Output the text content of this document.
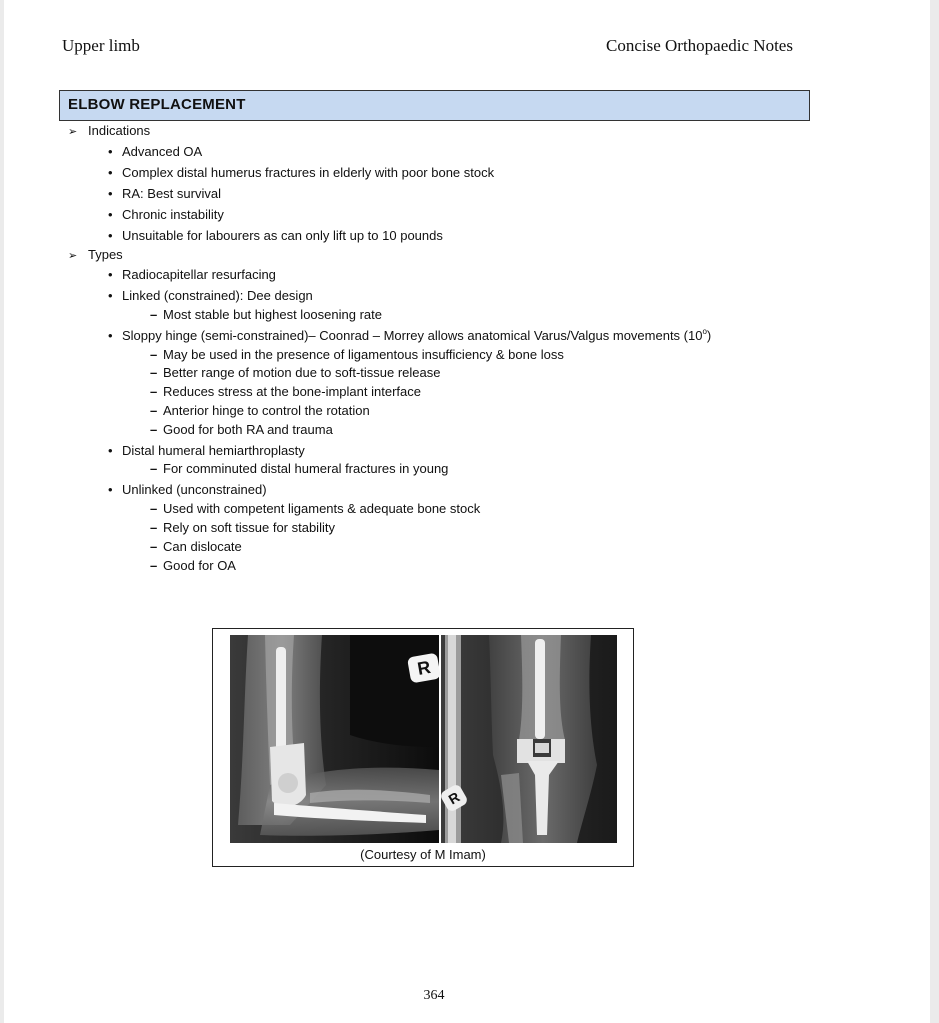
Upper limb	Concise Orthopaedic Notes
ELBOW REPLACEMENT
➢ Indications
• Advanced OA
• Complex distal humerus fractures in elderly with poor bone stock
• RA: Best survival
• Chronic instability
• Unsuitable for labourers as can only lift up to 10 pounds
➢ Types
• Radiocapitellar resurfacing
• Linked (constrained): Dee design
– Most stable but highest loosening rate
• Sloppy hinge (semi-constrained)– Coonrad – Morrey allows anatomical Varus/Valgus movements (10$^o$)
– May be used in the presence of ligamentous insufficiency & bone loss
– Better range of motion due to soft-tissue release
– Reduces stress at the bone-implant interface
– Anterior hinge to control the rotation
– Good for both RA and trauma
• Distal humeral hemiarthroplasty
– For comminuted distal humeral fractures in young
• Unlinked (unconstrained)
– Used with competent ligaments & adequate bone stock
– Rely on soft tissue for stability
– Can dislocate
– Good for OA
R
R
(Courtesy of M Imam)
364
